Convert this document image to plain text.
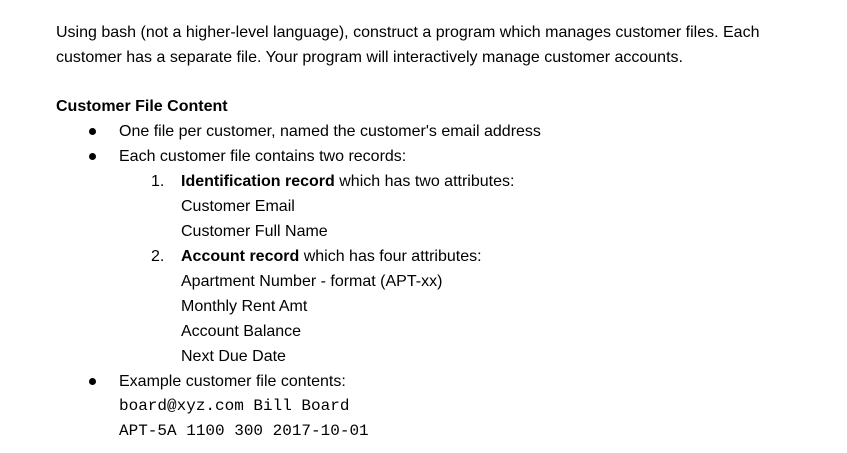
Using bash (not a higher-level language), construct a program which manages customer files. Each
customer has a separate file. Your program will interactively manage customer accounts.

Customer File Content
One file per customer, named the customer's email address
Each customer file contains two records:
1. Identification record which has two attributes:
Customer Email
Customer Full Name
2. Account record which has four attributes:
Apartment Number - format (APT-xx)
Monthly Rent Amt
Account Balance
Next Due Date
Example customer file contents:
board@xyz.com Bill Board
APT-5A 1100 300 2017-10-01
